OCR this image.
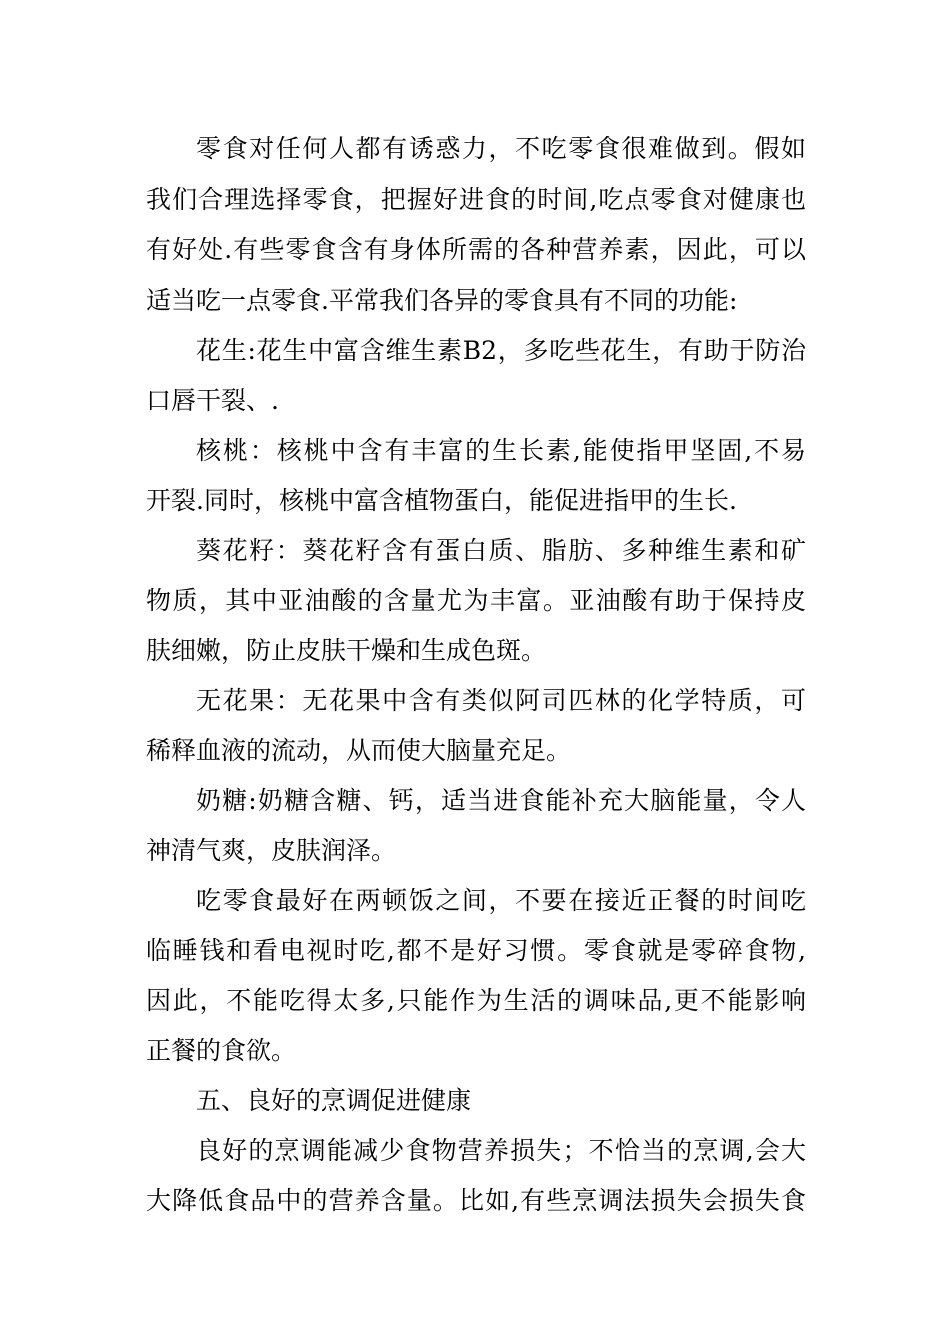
零食对任何人都有诱惑力，不吃零食很难做到。假如
我们合理选择零食，把握好进食的时间,吃点零食对健康也
有好处.有些零食含有身体所需的各种营养素，因此，可以
适当吃一点零食.平常我们各异的零食具有不同的功能:
花生:花生中富含维生素B2，多吃些花生，有助于防治
口唇干裂、.
核桃：核桃中含有丰富的生长素,能使指甲坚固,不易
开裂.同时，核桃中富含植物蛋白，能促进指甲的生长.
葵花籽：葵花籽含有蛋白质、脂肪、多种维生素和矿
物质，其中亚油酸的含量尤为丰富。亚油酸有助于保持皮
肤细嫩，防止皮肤干燥和生成色斑。
无花果：无花果中含有类似阿司匹林的化学特质，可
稀释血液的流动，从而使大脑量充足。
奶糖:奶糖含糖、钙，适当进食能补充大脑能量，令人
神清气爽，皮肤润泽。
吃零食最好在两顿饭之间，不要在接近正餐的时间吃
临睡钱和看电视时吃,都不是好习惯。零食就是零碎食物,
因此，不能吃得太多,只能作为生活的调味品,更不能影响
正餐的食欲。
五、良好的烹调促进健康
良好的烹调能减少食物营养损失；不恰当的烹调,会大
大降低食品中的营养含量。比如,有些烹调法损失会损失食
